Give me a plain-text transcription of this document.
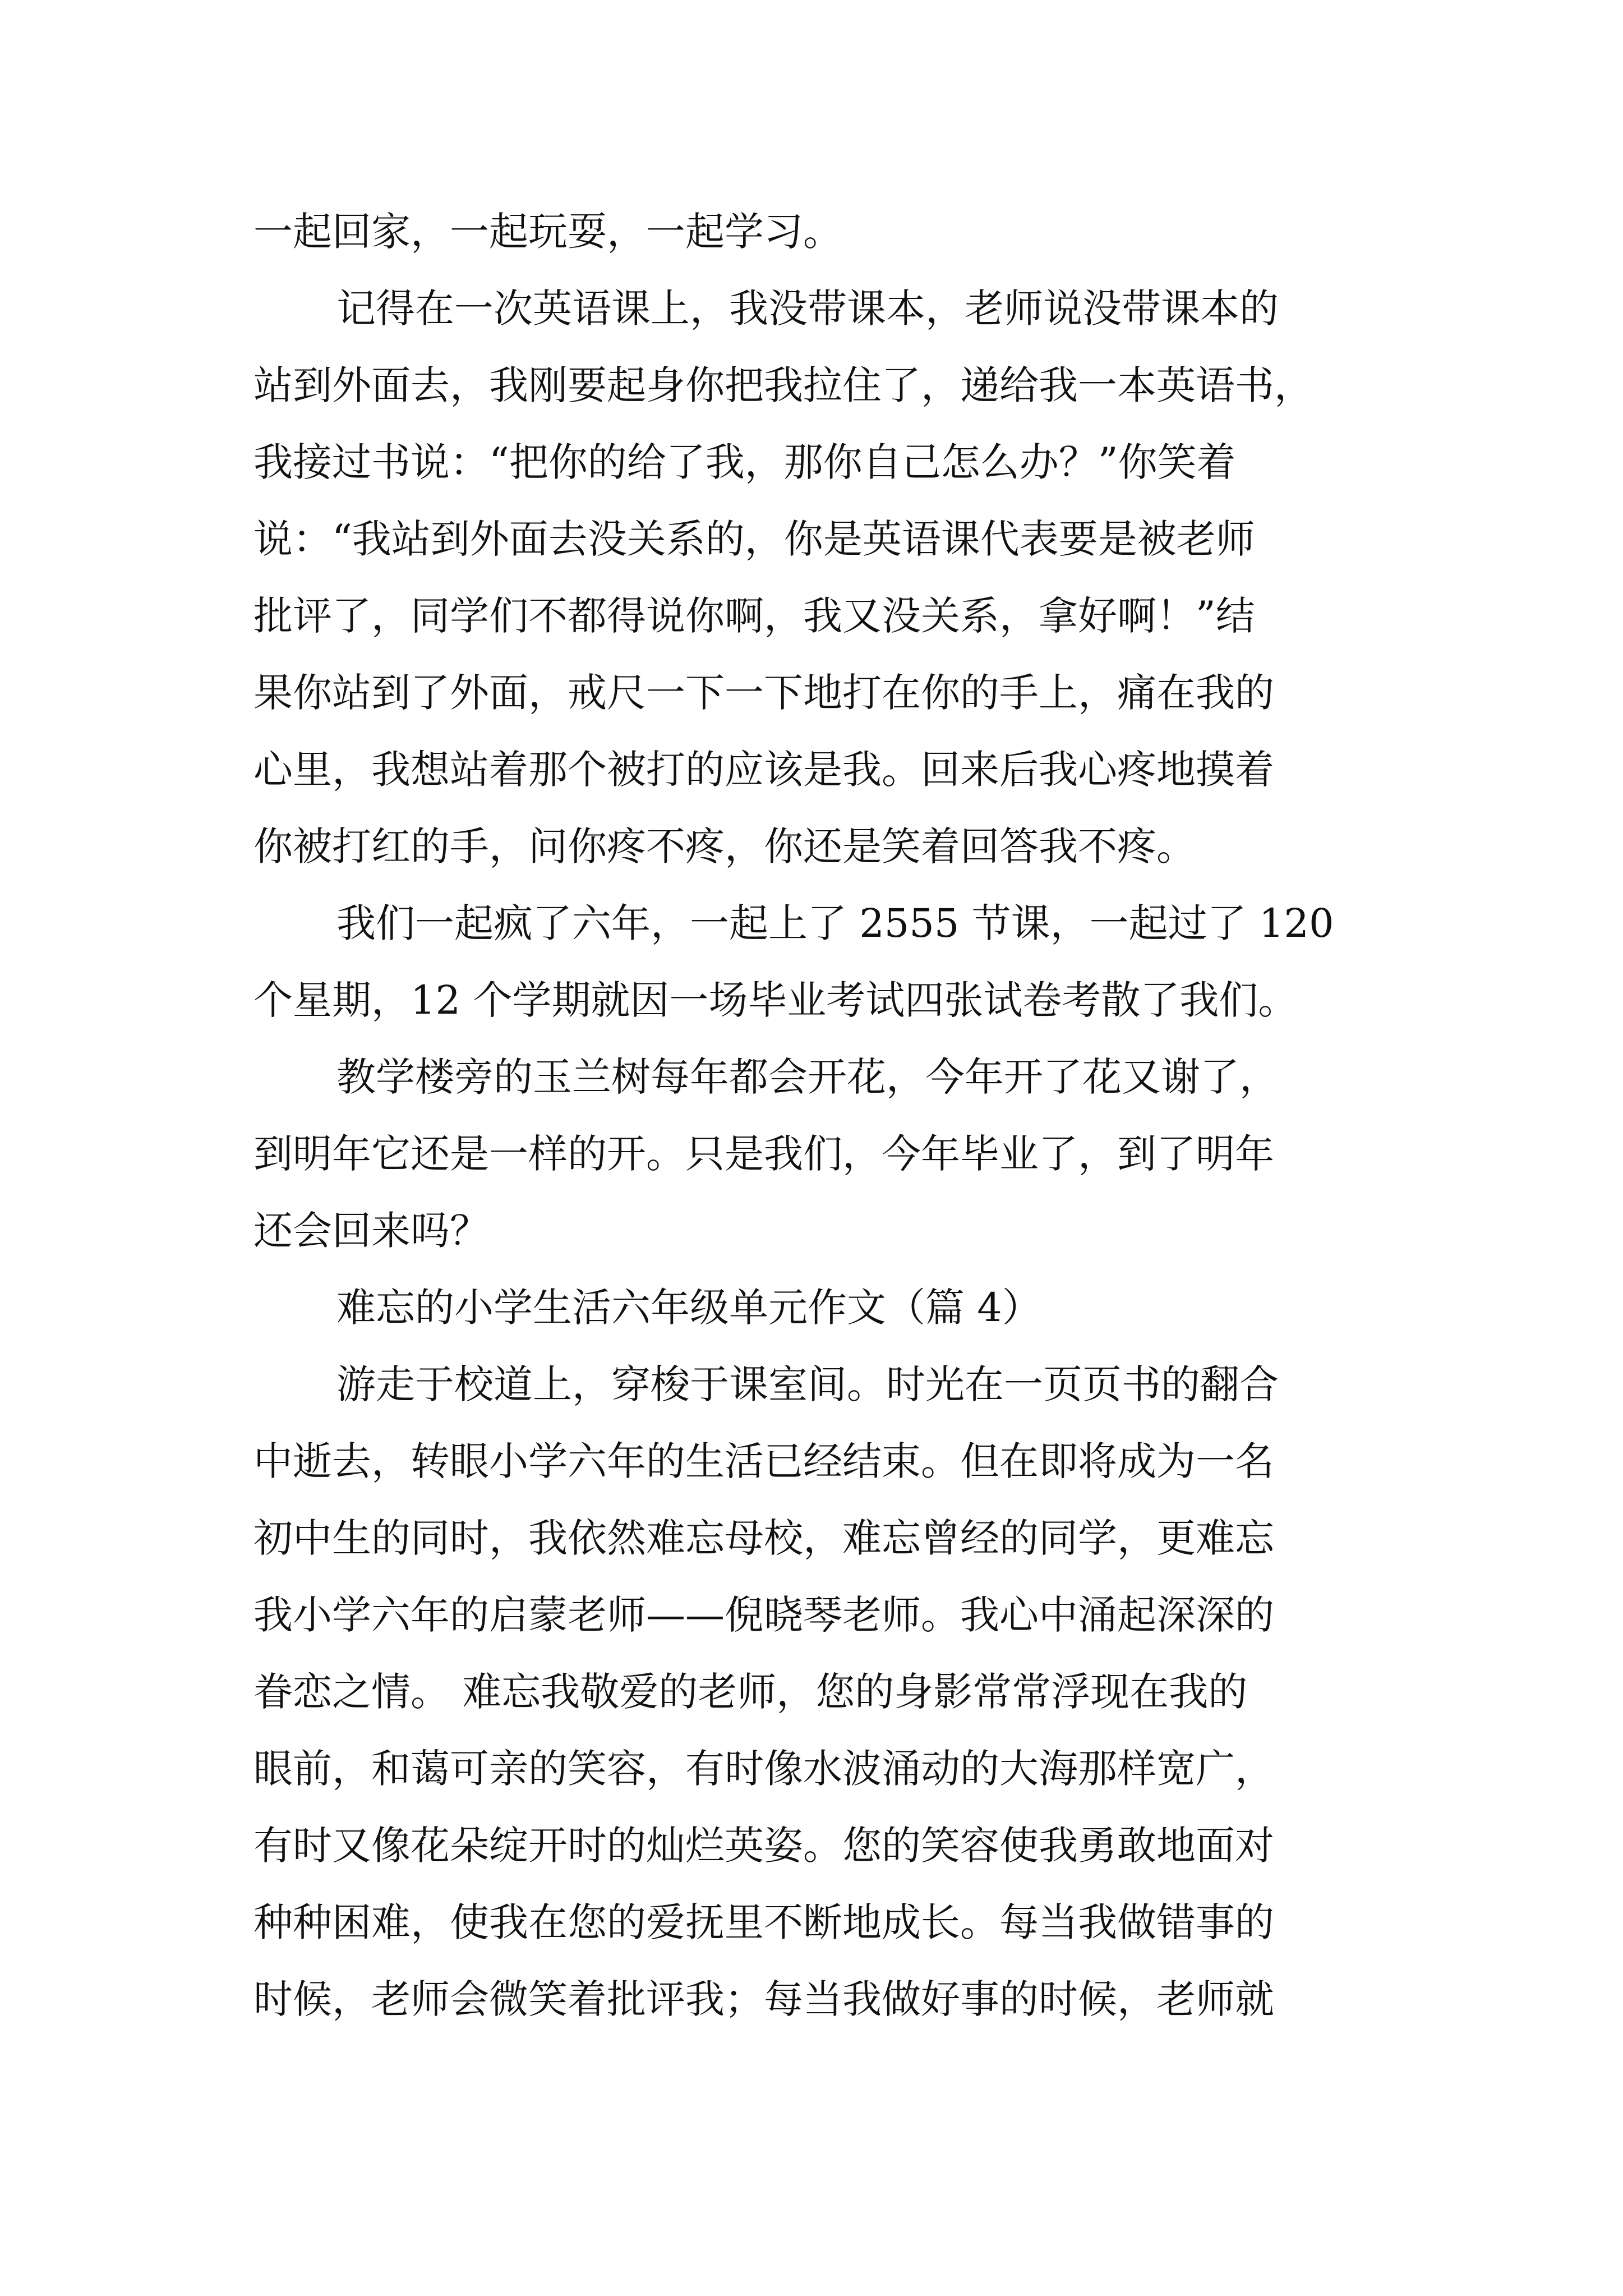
一起回家，一起玩耍，一起学习。
记得在一次英语课上，我没带课本，老师说没带课本的
站到外面去，我刚要起身你把我拉住了，递给我一本英语书，
我接过书说：“把你的给了我，那你自己怎么办？”你笑着
说：“我站到外面去没关系的，你是英语课代表要是被老师
批评了，同学们不都得说你啊，我又没关系，拿好啊！”结
果你站到了外面，戒尺一下一下地打在你的手上，痛在我的
心里，我想站着那个被打的应该是我。回来后我心疼地摸着
你被打红的手，问你疼不疼，你还是笑着回答我不疼。
我们一起疯了六年，一起上了 2555 节课，一起过了 120
个星期，12 个学期就因一场毕业考试四张试卷考散了我们。
教学楼旁的玉兰树每年都会开花，今年开了花又谢了，
到明年它还是一样的开。只是我们，今年毕业了，到了明年
还会回来吗？
难忘的小学生活六年级单元作文（篇 4）
游走于校道上，穿梭于课室间。时光在一页页书的翻合
中逝去，转眼小学六年的生活已经结束。但在即将成为一名
初中生的同时，我依然难忘母校，难忘曾经的同学，更难忘
我小学六年的启蒙老师——倪晓琴老师。我心中涌起深深的
眷恋之情。 难忘我敬爱的老师，您的身影常常浮现在我的
眼前，和蔼可亲的笑容，有时像水波涌动的大海那样宽广，
有时又像花朵绽开时的灿烂英姿。您的笑容使我勇敢地面对
种种困难，使我在您的爱抚里不断地成长。每当我做错事的
时候，老师会微笑着批评我；每当我做好事的时候，老师就
